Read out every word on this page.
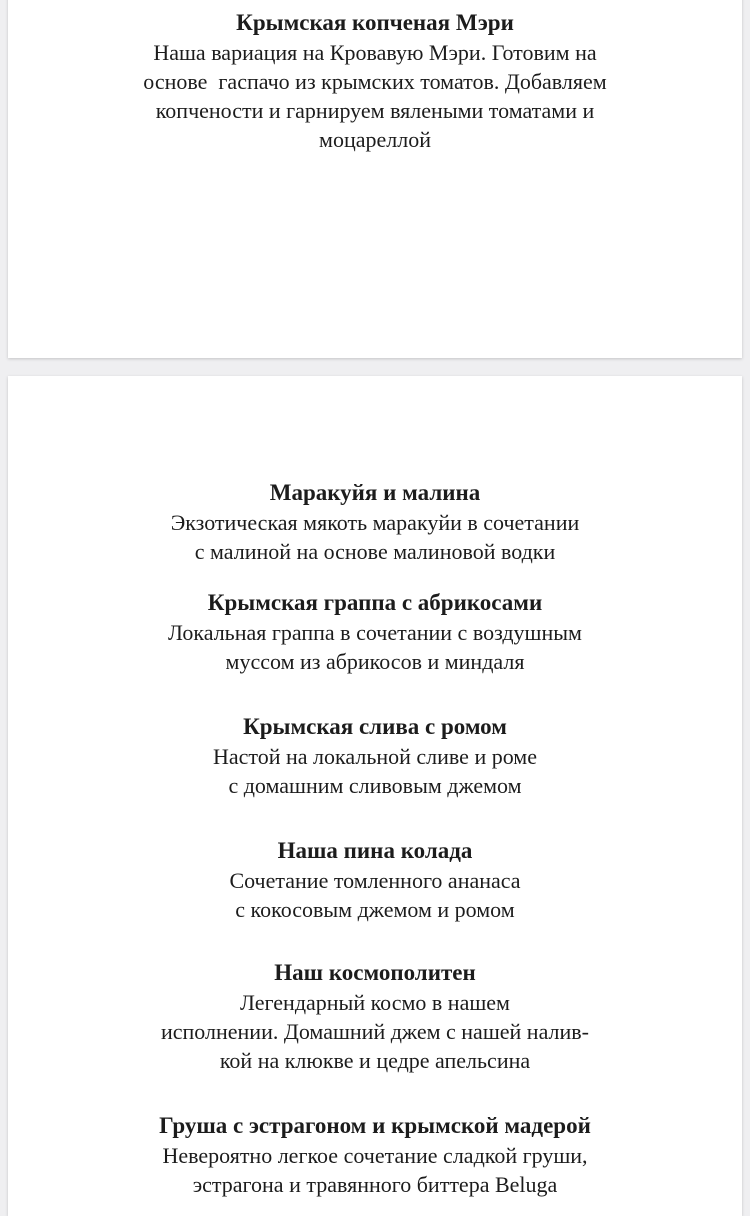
Крымская копченая Мэри
Наша вариация на Кровавую Мэри. Готовим на
основе  гаспачо из крымских томатов. Добавляем
копчености и гарнируем вялеными томатами и
моцареллой
Маракуйя и малина
Экзотическая мякоть маракуйи в сочетании
с малиной на основе малиновой водки
Крымская граппа с абрикосами
Локальная граппа в сочетании с воздушным
муссом из абрикосов и миндаля
Крымская слива с ромом
Настой на локальной сливе и роме
с домашним сливовым джемом
Наша пина колада
Сочетание томленного ананаса
с кокосовым джемом и ромом
Наш космополитен
Легендарный космо в нашем
исполнении. Домашний джем с нашей налив-
кой на клюкве и цедре апельсина
Груша с эстрагоном и крымской мадерой
Невероятно легкое сочетание сладкой груши,
эстрагона и травянного биттера Beluga
